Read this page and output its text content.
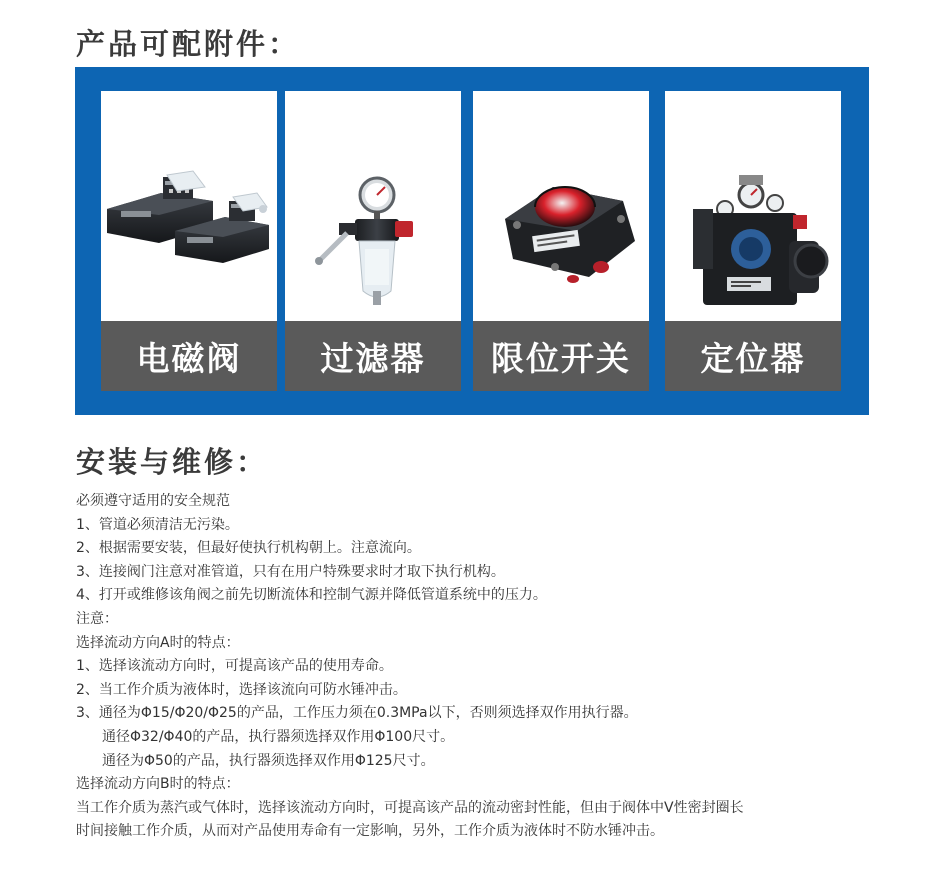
产品可配附件：
电磁阀	过滤器	限位开关	定位器
安装与维修：
必须遵守适用的安全规范
1、管道必须清洁无污染。
2、根据需要安装，但最好使执行机构朝上。注意流向。
3、连接阀门注意对准管道，只有在用户特殊要求时才取下执行机构。
4、打开或维修该角阀之前先切断流体和控制气源并降低管道系统中的压力。
注意：
选择流动方向A时的特点：
1、选择该流动方向时，可提高该产品的使用寿命。
2、当工作介质为液体时，选择该流向可防水锤冲击。
3、通径为Φ15/Φ20/Φ25的产品，工作压力须在0.3MPa以下，否则须选择双作用执行器。
通径Φ32/Φ40的产品，执行器须选择双作用Φ100尺寸。
通径为Φ50的产品，执行器须选择双作用Φ125尺寸。
选择流动方向B时的特点：
当工作介质为蒸汽或气体时，选择该流动方向时，可提高该产品的流动密封性能，但由于阀体中V性密封圈长
时间接触工作介质，从而对产品使用寿命有一定影响，另外，工作介质为液体时不防水锤冲击。
